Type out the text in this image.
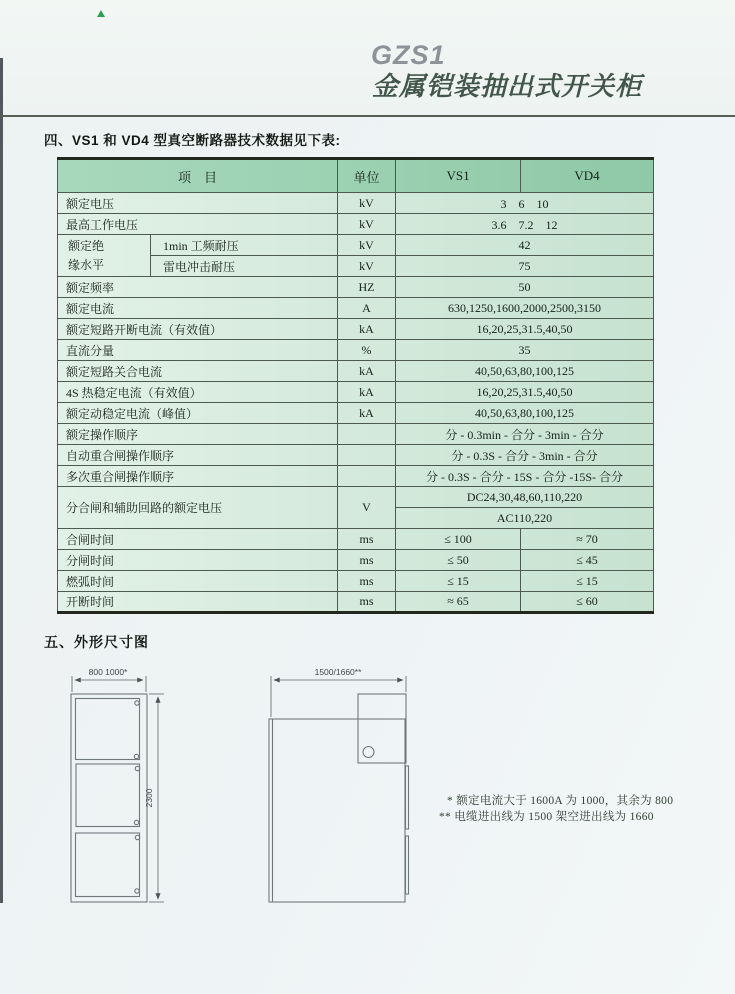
GZS1
金属铠装抽出式开关柜
四、VS1 和 VD4 型真空断路器技术数据见下表:
项　目		单位	VS1	VD4
额定电压		kV	3　6　10	
最高工作电压		kV	3.6　7.2　12	
额定绝缘水平	1min 工频耐压	kV	42	
	雷电冲击耐压	kV	75	
额定频率		HZ	50	
额定电流		A	630,1250,1600,2000,2500,3150	
额定短路开断电流（有效值）		kA	16,20,25,31.5,40,50	
直流分量		%	35	
额定短路关合电流		kA	40,50,63,80,100,125	
4S 热稳定电流（有效值）		kA	16,20,25,31.5,40,50	
额定动稳定电流（峰值）		kA	40,50,63,80,100,125	
额定操作顺序			分 - 0.3min - 合分 - 3min - 合分	
自动重合闸操作顺序			分 - 0.3S - 合分 - 3min - 合分	
多次重合闸操作顺序			分 - 0.3S - 合分 - 15S - 合分 -15S- 合分	
分合闸和辅助回路的额定电压		V	DC24,30,48,60,110,220	
			AC110,220	
合闸时间		ms	≤ 100	≈ 70
分闸时间		ms	≤ 50	≤ 45
燃弧时间		ms	≤ 15	≤ 15
开断时间		ms	≈ 65	≤ 60
五、外形尺寸图
800 1000*
2300
1500/1660**
* 额定电流大于 1600A 为 1000，其余为 800
** 电缆进出线为 1500 架空进出线为 1660
